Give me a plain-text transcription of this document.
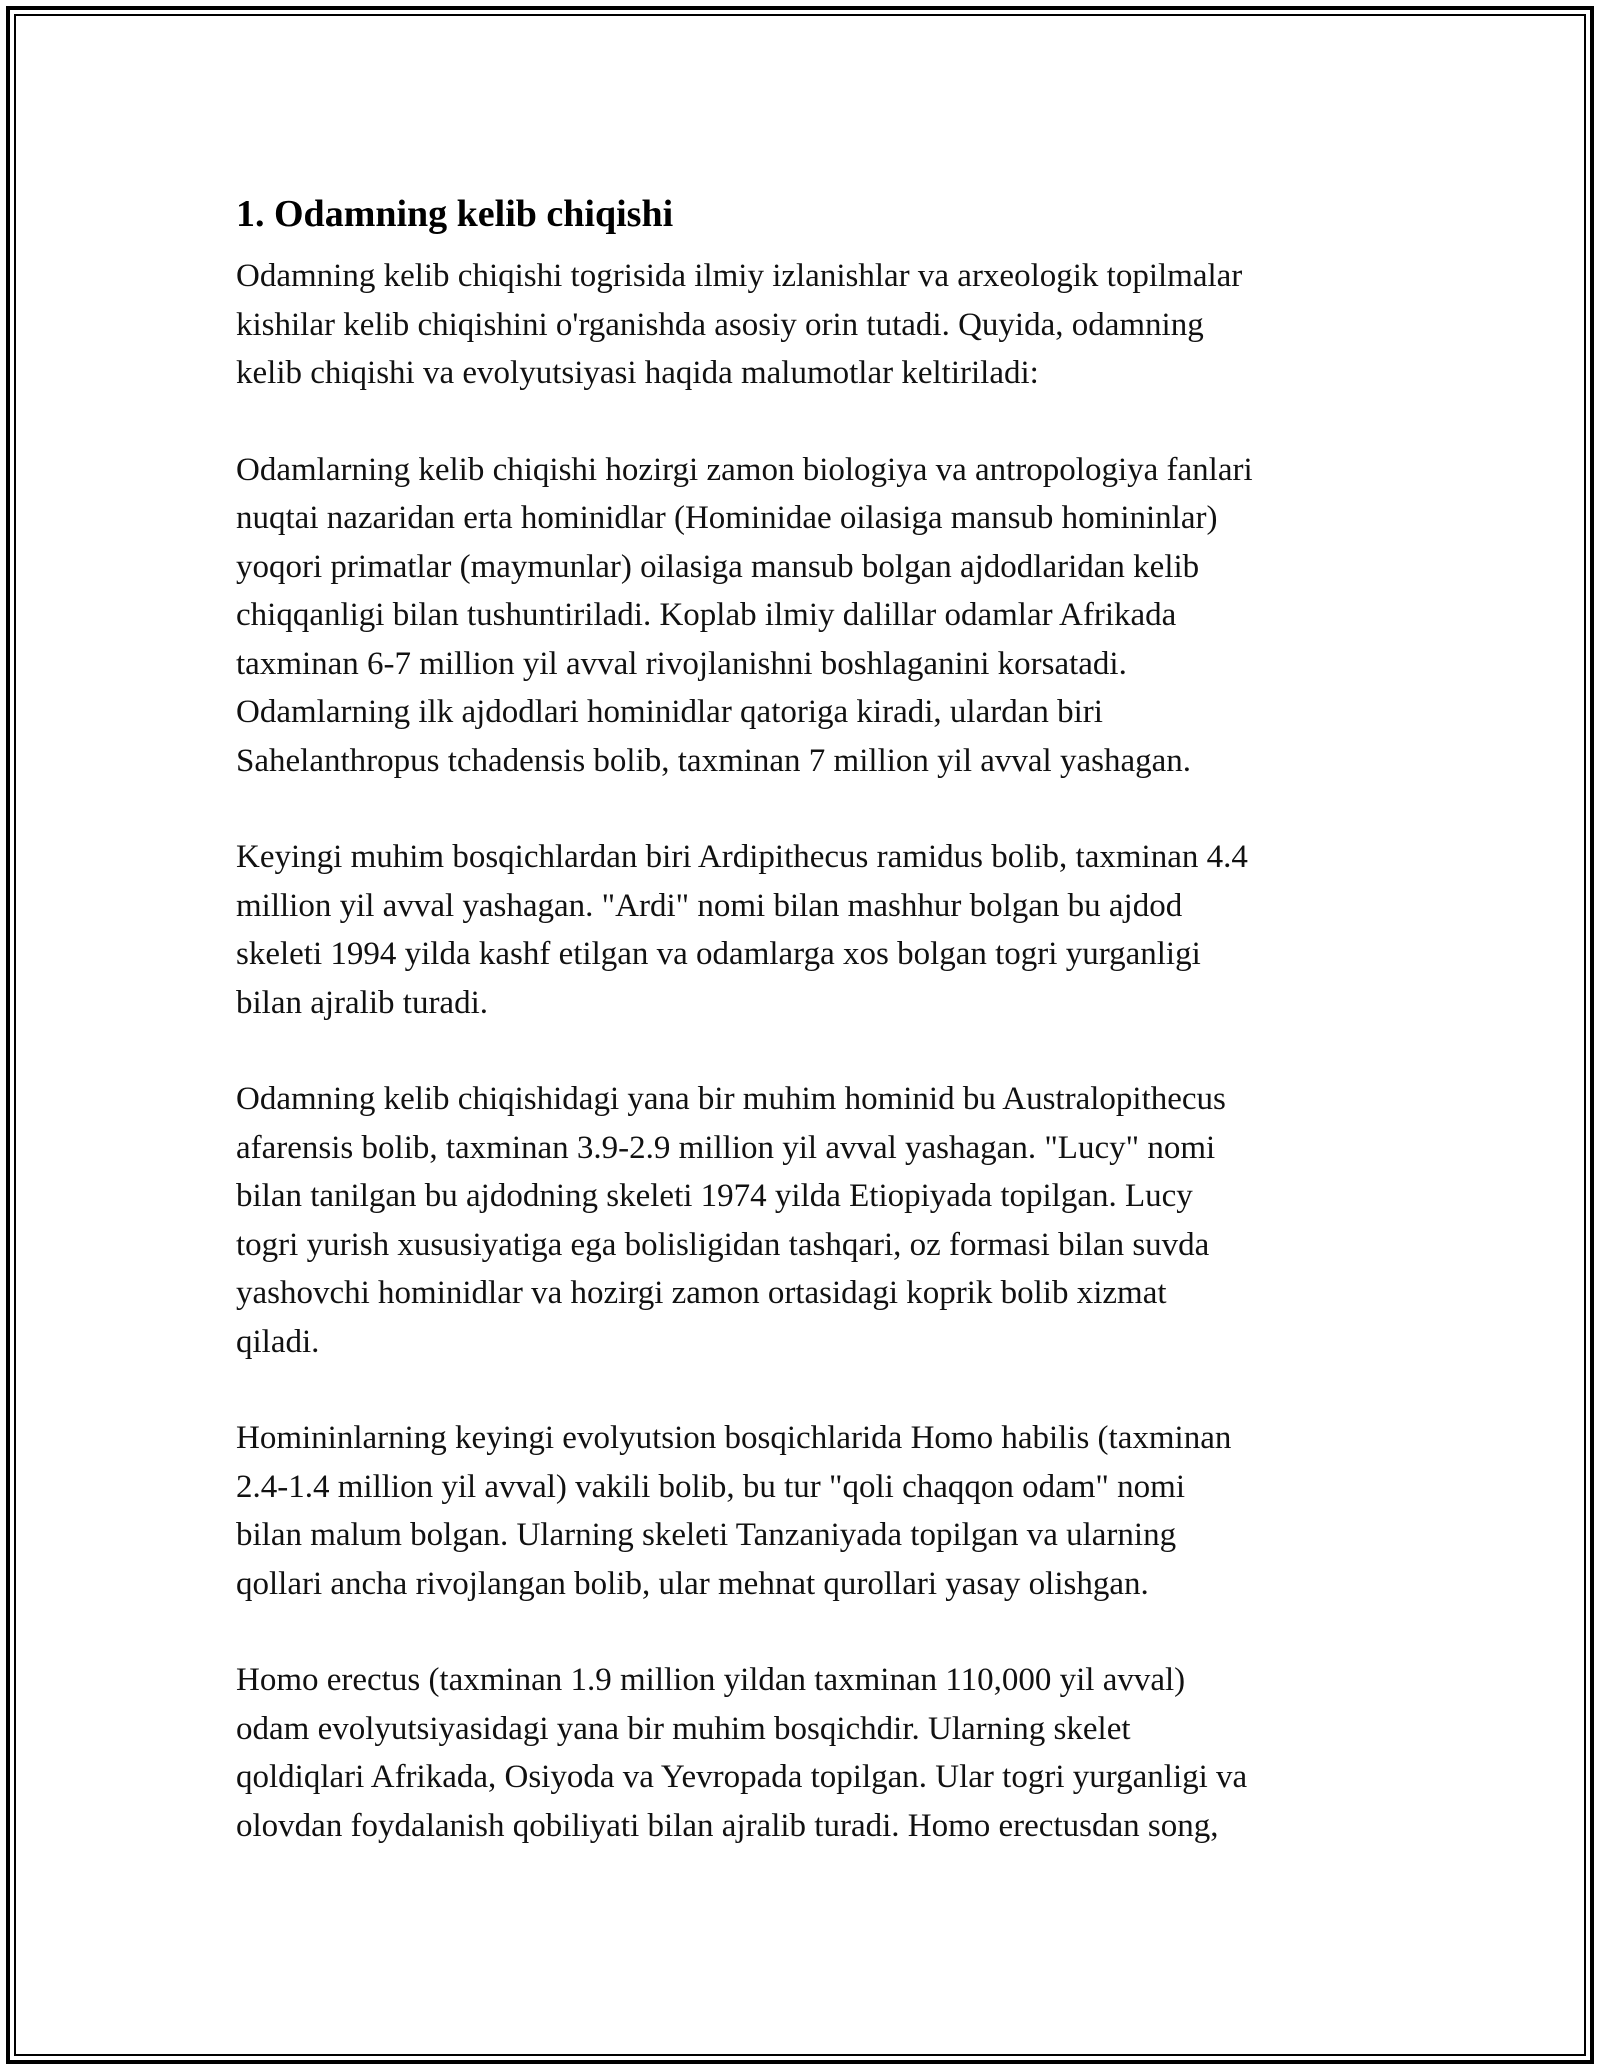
1. Odamning kelib chiqishi

Odamning kelib chiqishi togrisida ilmiy izlanishlar va arxeologik topilmalar
kishilar kelib chiqishini o'rganishda asosiy orin tutadi. Quyida, odamning
kelib chiqishi va evolyutsiyasi haqida malumotlar keltiriladi:

Odamlarning kelib chiqishi hozirgi zamon biologiya va antropologiya fanlari
nuqtai nazaridan erta hominidlar (Hominidae oilasiga mansub homininlar)
yoqori primatlar (maymunlar) oilasiga mansub bolgan ajdodlaridan kelib
chiqqanligi bilan tushuntiriladi. Koplab ilmiy dalillar odamlar Afrikada
taxminan 6-7 million yil avval rivojlanishni boshlaganini korsatadi.
Odamlarning ilk ajdodlari hominidlar qatoriga kiradi, ulardan biri
Sahelanthropus tchadensis bolib, taxminan 7 million yil avval yashagan.

Keyingi muhim bosqichlardan biri Ardipithecus ramidus bolib, taxminan 4.4
million yil avval yashagan. "Ardi" nomi bilan mashhur bolgan bu ajdod
skeleti 1994 yilda kashf etilgan va odamlarga xos bolgan togri yurganligi
bilan ajralib turadi.

Odamning kelib chiqishidagi yana bir muhim hominid bu Australopithecus
afarensis bolib, taxminan 3.9-2.9 million yil avval yashagan. "Lucy" nomi
bilan tanilgan bu ajdodning skeleti 1974 yilda Etiopiyada topilgan. Lucy
togri yurish xususiyatiga ega bolisligidan tashqari, oz formasi bilan suvda
yashovchi hominidlar va hozirgi zamon ortasidagi koprik bolib xizmat
qiladi.

Homininlarning keyingi evolyutsion bosqichlarida Homo habilis (taxminan
2.4-1.4 million yil avval) vakili bolib, bu tur "qoli chaqqon odam" nomi
bilan malum bolgan. Ularning skeleti Tanzaniyada topilgan va ularning
qollari ancha rivojlangan bolib, ular mehnat qurollari yasay olishgan.

Homo erectus (taxminan 1.9 million yildan taxminan 110,000 yil avval)
odam evolyutsiyasidagi yana bir muhim bosqichdir. Ularning skelet
qoldiqlari Afrikada, Osiyoda va Yevropada topilgan. Ular togri yurganligi va
olovdan foydalanish qobiliyati bilan ajralib turadi. Homo erectusdan song,
